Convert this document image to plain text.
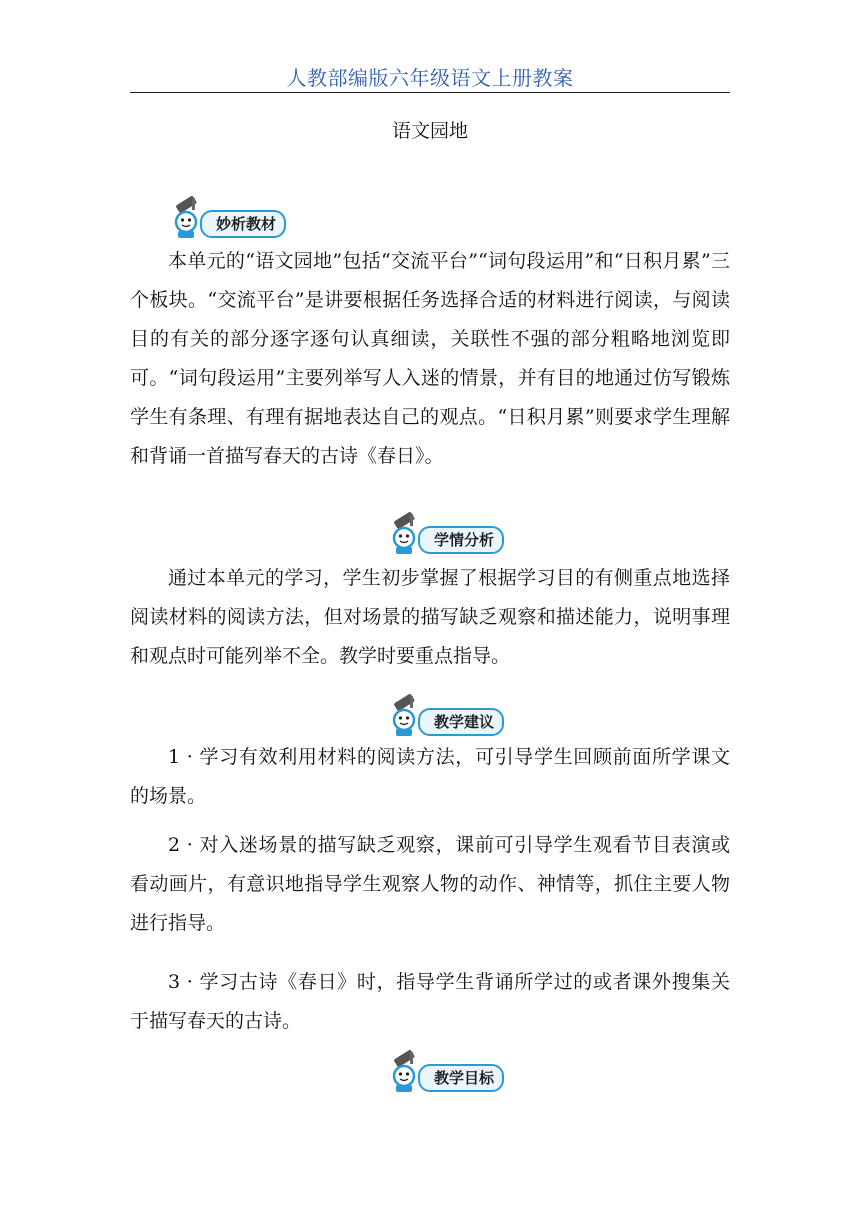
人教部编版六年级语文上册教案
语文园地
妙析教材

本单元的“语文园地”包括“交流平台”“词句段运用”和“日积月累”三个板块。“交流平台”是讲要根据任务选择合适的材料进行阅读，与阅读目的有关的部分逐字逐句认真细读，关联性不强的部分粗略地浏览即可。“词句段运用”主要列举写人入迷的情景，并有目的地通过仿写锻炼学生有条理、有理有据地表达自己的观点。“日积月累”则要求学生理解和背诵一首描写春天的古诗《春日》。

学情分析

通过本单元的学习，学生初步掌握了根据学习目的有侧重点地选择阅读材料的阅读方法，但对场景的描写缺乏观察和描述能力，说明事理和观点时可能列举不全。教学时要重点指导。

教学建议

1 · 学习有效利用材料的阅读方法，可引导学生回顾前面所学课文的场景。

2 · 对入迷场景的描写缺乏观察，课前可引导学生观看节目表演或看动画片，有意识地指导学生观察人物的动作、神情等，抓住主要人物进行指导。

3 · 学习古诗《春日》时，指导学生背诵所学过的或者课外搜集关于描写春天的古诗。

教学目标
